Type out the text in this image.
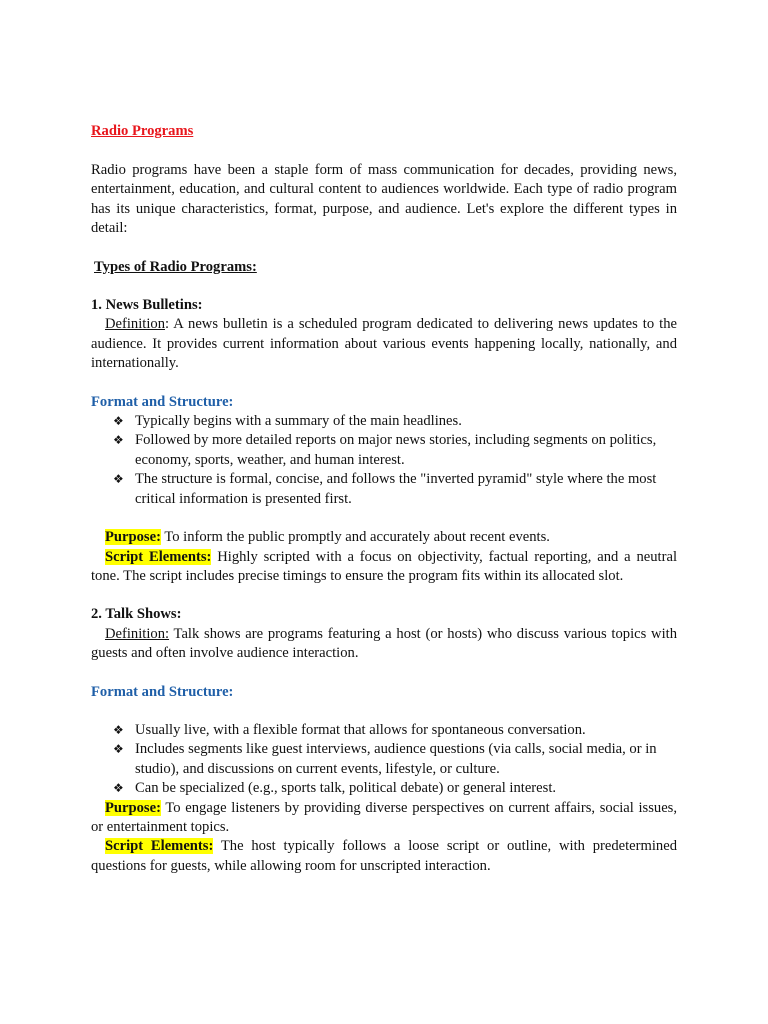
Radio Programs

Radio programs have been a staple form of mass communication for decades, providing news, entertainment, education, and cultural content to audiences worldwide. Each type of radio program has its unique characteristics, format, purpose, and audience. Let's explore the different types in detail:

Types of Radio Programs:

1. News Bulletins:

Definition: A news bulletin is a scheduled program dedicated to delivering news updates to the audience. It provides current information about various events happening locally, nationally, and internationally.

Format and Structure:

❖ Typically begins with a summary of the main headlines.
❖ Followed by more detailed reports on major news stories, including segments on politics, economy, sports, weather, and human interest.
❖ The structure is formal, concise, and follows the "inverted pyramid" style where the most critical information is presented first.

Purpose: To inform the public promptly and accurately about recent events.

Script Elements: Highly scripted with a focus on objectivity, factual reporting, and a neutral tone. The script includes precise timings to ensure the program fits within its allocated slot.

2. Talk Shows:

Definition: Talk shows are programs featuring a host (or hosts) who discuss various topics with guests and often involve audience interaction.

Format and Structure:

❖ Usually live, with a flexible format that allows for spontaneous conversation.
❖ Includes segments like guest interviews, audience questions (via calls, social media, or in studio), and discussions on current events, lifestyle, or culture.
❖ Can be specialized (e.g., sports talk, political debate) or general interest.

Purpose: To engage listeners by providing diverse perspectives on current affairs, social issues, or entertainment topics.

Script Elements: The host typically follows a loose script or outline, with predetermined questions for guests, while allowing room for unscripted interaction.
